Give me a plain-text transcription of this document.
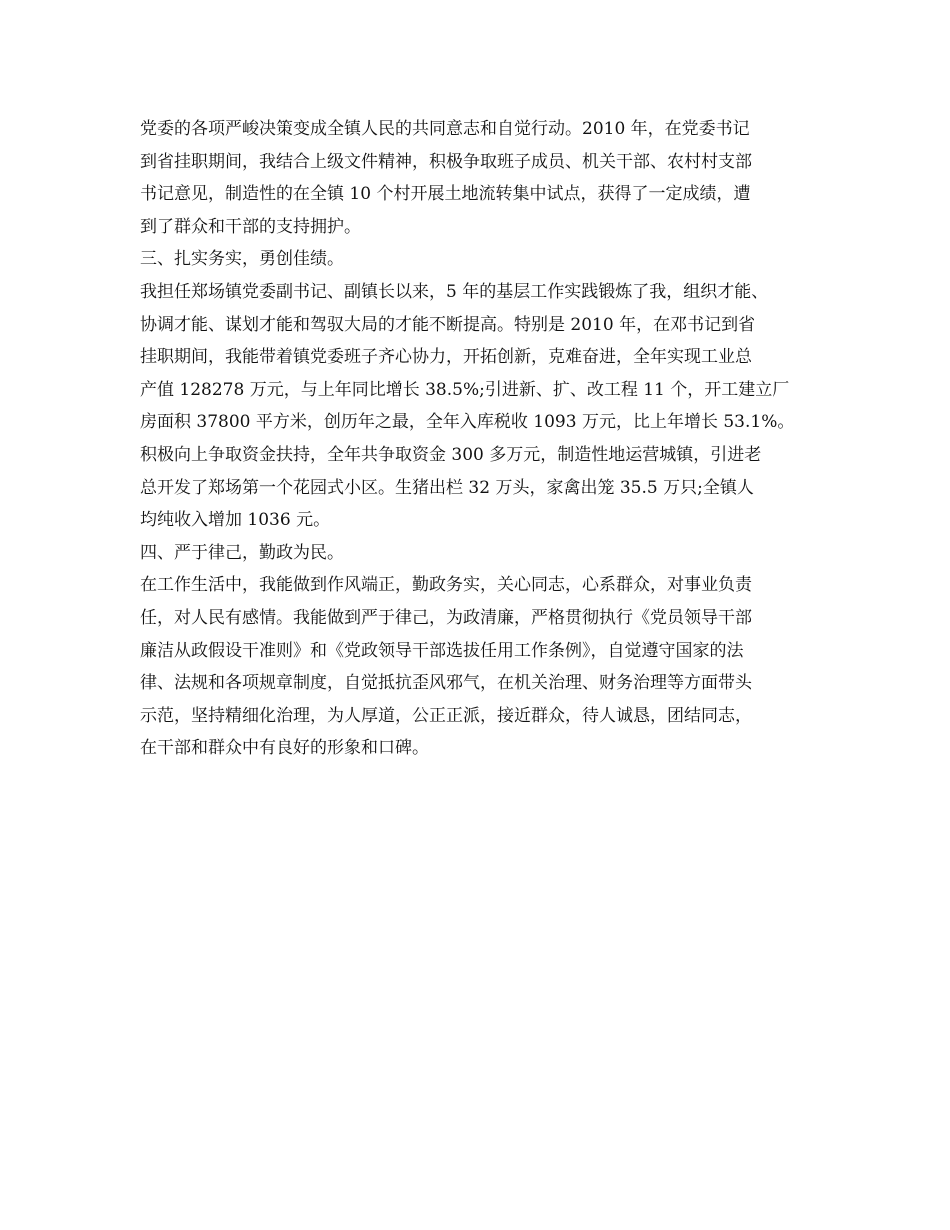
党委的各项严峻决策变成全镇人民的共同意志和自觉行动。2010 年，在党委书记
到省挂职期间，我结合上级文件精神，积极争取班子成员、机关干部、农村村支部
书记意见，制造性的在全镇 10 个村开展土地流转集中试点，获得了一定成绩，遭
到了群众和干部的支持拥护。
三、扎实务实，勇创佳绩。
我担任郑场镇党委副书记、副镇长以来，5 年的基层工作实践锻炼了我，组织才能、
协调才能、谋划才能和驾驭大局的才能不断提高。特别是 2010 年，在邓书记到省
挂职期间，我能带着镇党委班子齐心协力，开拓创新，克难奋进，全年实现工业总
产值 128278 万元，与上年同比增长 38.5%;引进新、扩、改工程 11 个，开工建立厂
房面积 37800 平方米，创历年之最，全年入库税收 1093 万元，比上年增长 53.1%。
积极向上争取资金扶持，全年共争取资金 300 多万元，制造性地运营城镇，引进老
总开发了郑场第一个花园式小区。生猪出栏 32 万头，家禽出笼 35.5 万只;全镇人
均纯收入增加 1036 元。
四、严于律己，勤政为民。
在工作生活中，我能做到作风端正，勤政务实，关心同志，心系群众，对事业负责
任，对人民有感情。我能做到严于律己，为政清廉，严格贯彻执行《党员领导干部
廉洁从政假设干准则》和《党政领导干部选拔任用工作条例》，自觉遵守国家的法
律、法规和各项规章制度，自觉抵抗歪风邪气，在机关治理、财务治理等方面带头
示范，坚持精细化治理，为人厚道，公正正派，接近群众，待人诚恳，团结同志，
在干部和群众中有良好的形象和口碑。
